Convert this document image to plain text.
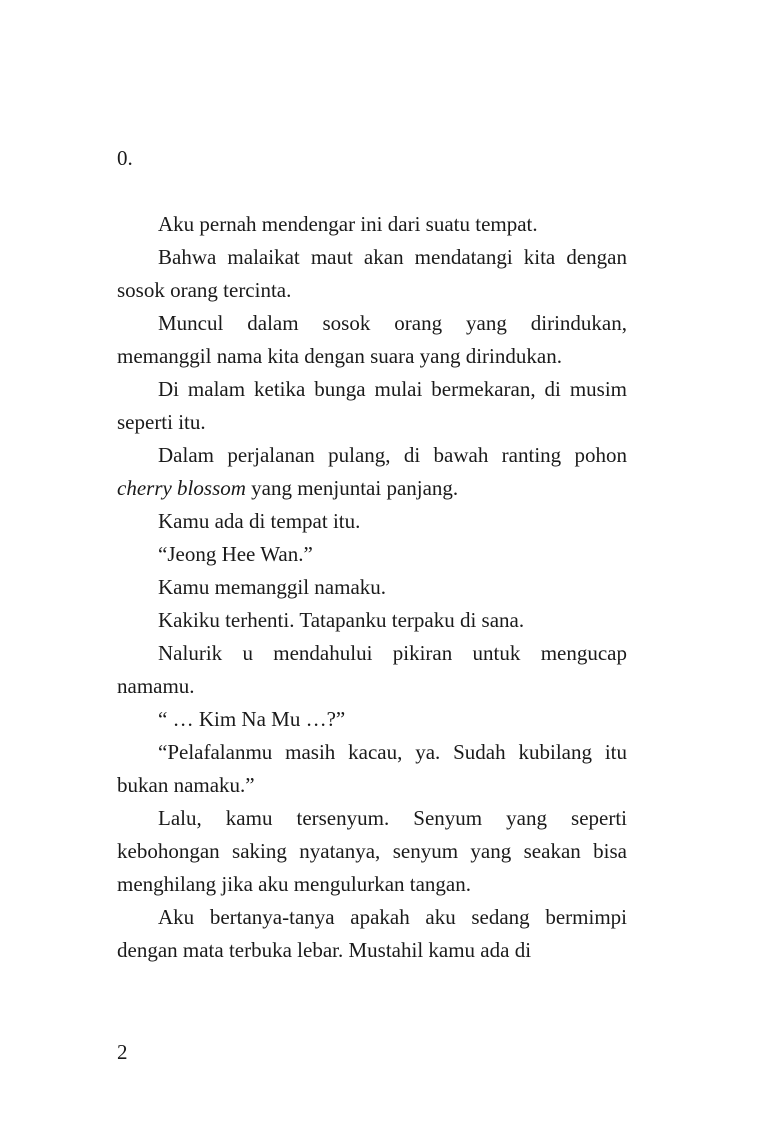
0.

Aku pernah mendengar ini dari suatu tempat.

Bahwa malaikat maut akan mendatangi kita dengan sosok orang tercinta.

Muncul dalam sosok orang yang dirindukan, memanggil nama kita dengan suara yang dirindukan.

Di malam ketika bunga mulai bermekaran, di musim seperti itu.

Dalam perjalanan pulang, di bawah ranting pohon cherry blossom yang menjuntai panjang.

Kamu ada di tempat itu.

“Jeong Hee Wan.”

Kamu memanggil namaku.

Kakiku terhenti. Tatapanku terpaku di sana.

Nalurik u mendahului pikiran untuk mengucap namamu.

“ … Kim Na Mu …?”

“Pelafalanmu masih kacau, ya. Sudah kubilang itu bukan namaku.”

Lalu, kamu tersenyum. Senyum yang seperti kebohongan saking nyatanya, senyum yang seakan bisa menghilang jika aku mengulurkan tangan.

Aku bertanya-tanya apakah aku sedang bermimpi dengan mata terbuka lebar. Mustahil kamu ada di

2
